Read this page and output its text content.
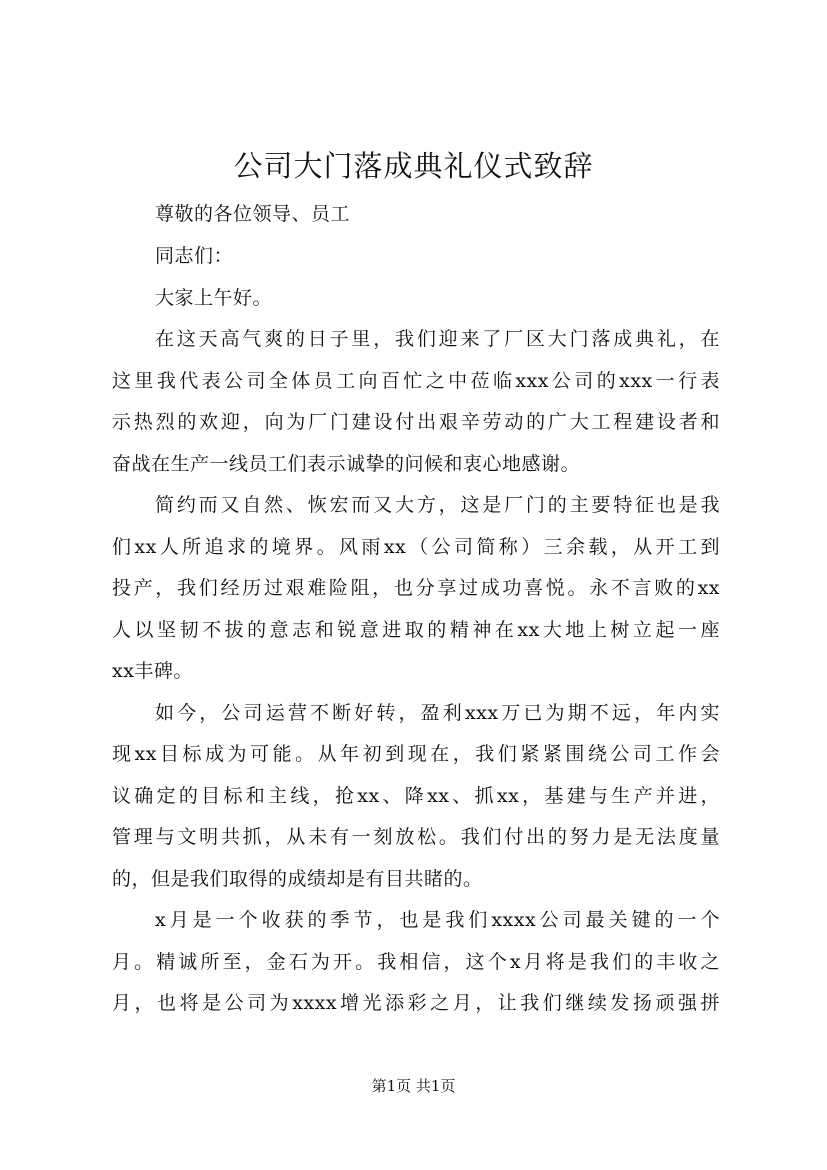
公司大门落成典礼仪式致辞
尊敬的各位领导、员工
同志们：
大家上午好。
在这天高气爽的日子里，我们迎来了厂区大门落成典礼，在
这里我代表公司全体员工向百忙之中莅临xxx公司的xxx一行表
示热烈的欢迎，向为厂门建设付出艰辛劳动的广大工程建设者和
奋战在生产一线员工们表示诚挚的问候和衷心地感谢。
简约而又自然、恢宏而又大方，这是厂门的主要特征也是我
们xx人所追求的境界。风雨xx（公司简称）三余载，从开工到
投产，我们经历过艰难险阻，也分享过成功喜悦。永不言败的xx
人以坚韧不拔的意志和锐意进取的精神在xx大地上树立起一座
xx丰碑。
如今，公司运营不断好转，盈利xxx万已为期不远，年内实
现xx目标成为可能。从年初到现在，我们紧紧围绕公司工作会
议确定的目标和主线，抢xx、降xx、抓xx，基建与生产并进，
管理与文明共抓，从未有一刻放松。我们付出的努力是无法度量
的，但是我们取得的成绩却是有目共睹的。
x月是一个收获的季节，也是我们xxxx公司最关键的一个
月。精诚所至，金石为开。我相信，这个x月将是我们的丰收之
月，也将是公司为xxxx增光添彩之月，让我们继续发扬顽强拼
第1页 共1页
